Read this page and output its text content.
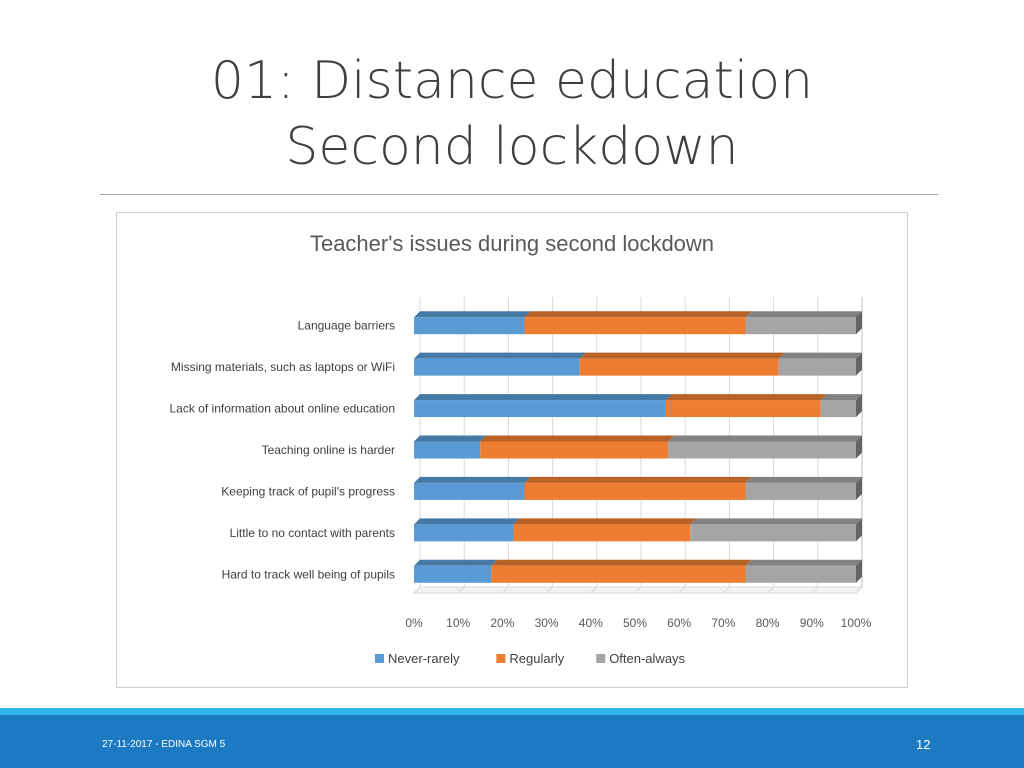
01: Distance education
Second lockdown
Teacher's issues during second lockdown
0% 10% 20% 30% 40% 50% 60% 70% 80% 90% 100%
Language barriers
Missing materials, such as laptops or WiFi
Lack of information about online education
Teaching online is harder
Keeping track of pupil's progress
Little to no contact with parents
Hard to track well being of pupils
Never-rarely	Regularly	Often-always
27-11-2017 - EDINA SGM 5	12
